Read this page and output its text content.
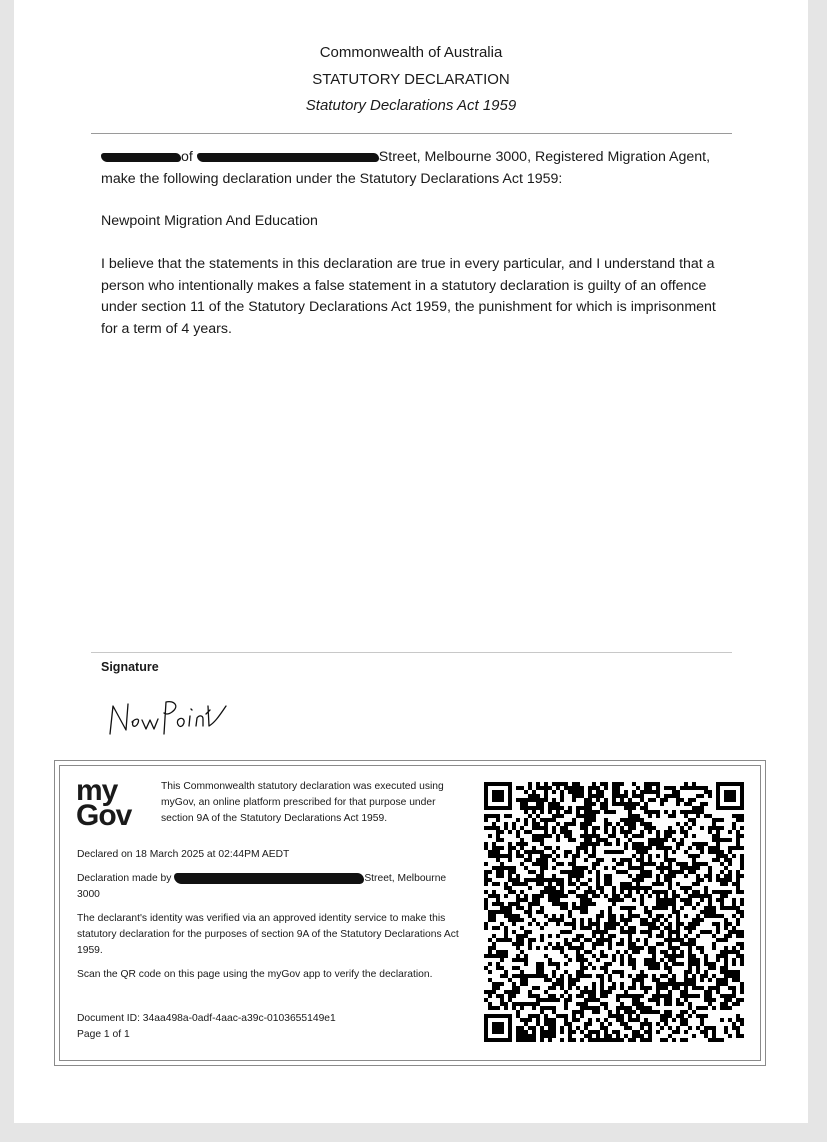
Commonwealth of Australia
STATUTORY DECLARATION
Statutory Declarations Act 1959
of	Street, Melbourne 3000, Registered Migration Agent,
make the following declaration under the Statutory Declarations Act 1959:
Newpoint Migration And Education
I believe that the statements in this declaration are true in every particular, and I understand that a person who intentionally makes a false statement in a statutory declaration is guilty of an offence under section 11 of the Statutory Declarations Act 1959, the punishment for which is imprisonment for a term of 4 years.
Signature
my
Gov
This Commonwealth statutory declaration was executed using myGov, an online platform prescribed for that purpose under section 9A of the Statutory Declarations Act 1959.
Declared on 18 March 2025 at 02:44PM AEDT
Declaration made by	Street, Melbourne
3000
The declarant's identity was verified via an approved identity service to make this statutory declaration for the purposes of section 9A of the Statutory Declarations Act 1959.
Scan the QR code on this page using the myGov app to verify the declaration.
Document ID: 34aa498a-0adf-4aac-a39c-0103655149e1
Page 1 of 1
